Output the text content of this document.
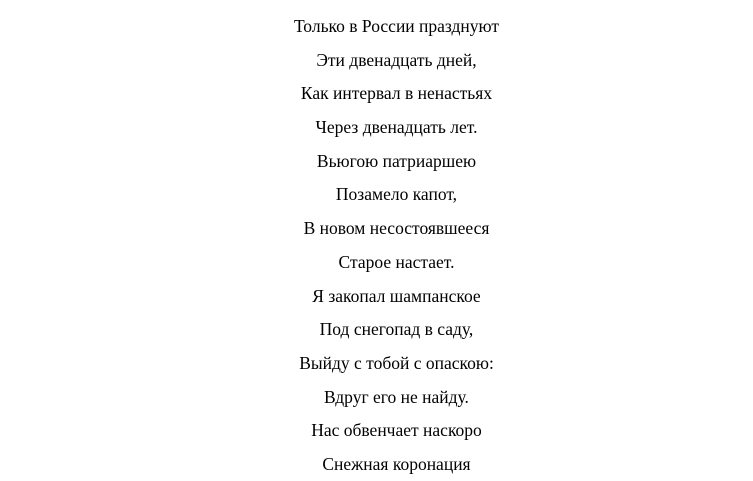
Только в России празднуют
Эти двенадцать дней,
Как интервал в ненастьях
Через двенадцать лет.
Вьюгою патриаршею
Позамело капот,
В новом несостоявшееся
Старое настает.
Я закопал шампанское
Под снегопад в саду,
Выйду с тобой с опаскою:
Вдруг его не найду.
Нас обвенчает наскоро
Снежная коронация
